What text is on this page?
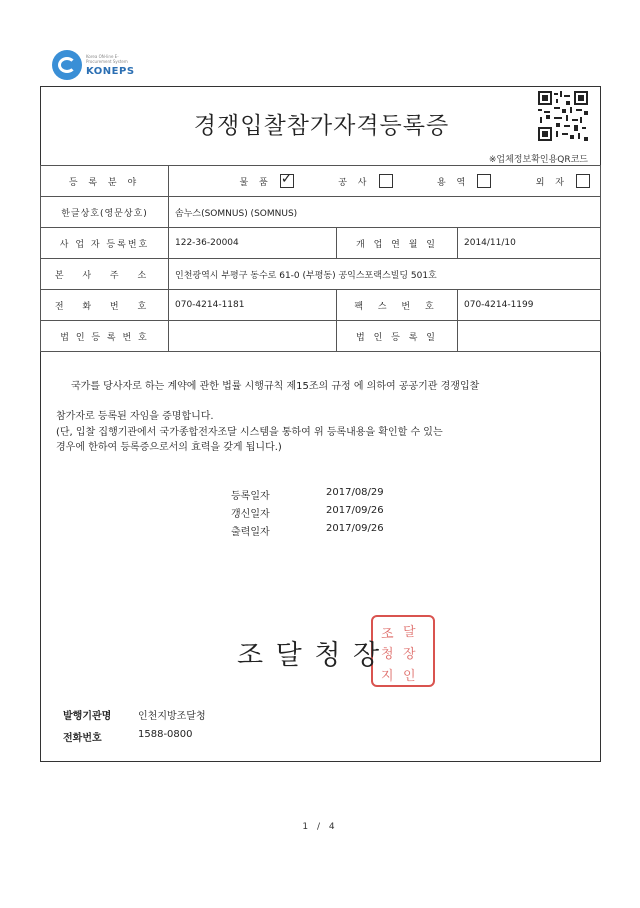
Korea ON-line E-Procurement System
KONEPS
경쟁입찰참가자격등록증
※업체정보확인용QR코드
등 록 분 야	물 품 ✓ 공 사 용 역 외 자

한글상호(영문상호)	솜누스(SOMNUS) (SOMNUS)		
사 업 자 등록번호	122-36-20004	개 업 연 월 일	2014/11/10
본 사 주 소	인천광역시 부평구 동수로 61-0 (부평동) 공익스포랙스빌딩 501호		
전 화 번 호	070-4214-1181	팩 스 번 호	070-4214-1199
법 인 등 록 번 호		법 인 등 록 일	
국가를 당사자로 하는 계약에 관한 법률 시행규칙 제15조의 규정 에 의하여 공공기관 경쟁입찰
참가자로 등록된 자임을 증명합니다.
(단, 입찰 집행기관에서 국가종합전자조달 시스템을 통하여 위 등록내용을 확인할 수 있는
경우에 한하여 등록증으로서의 효력을 갖게 됩니다.)
등록일자	2017/08/29
갱신일자	2017/09/26
출력일자	2017/09/26
조 달
청 장
지 인
조 달 청 장
발행기관명	인천지방조달청
전화번호	1588-0800
1 / 4
